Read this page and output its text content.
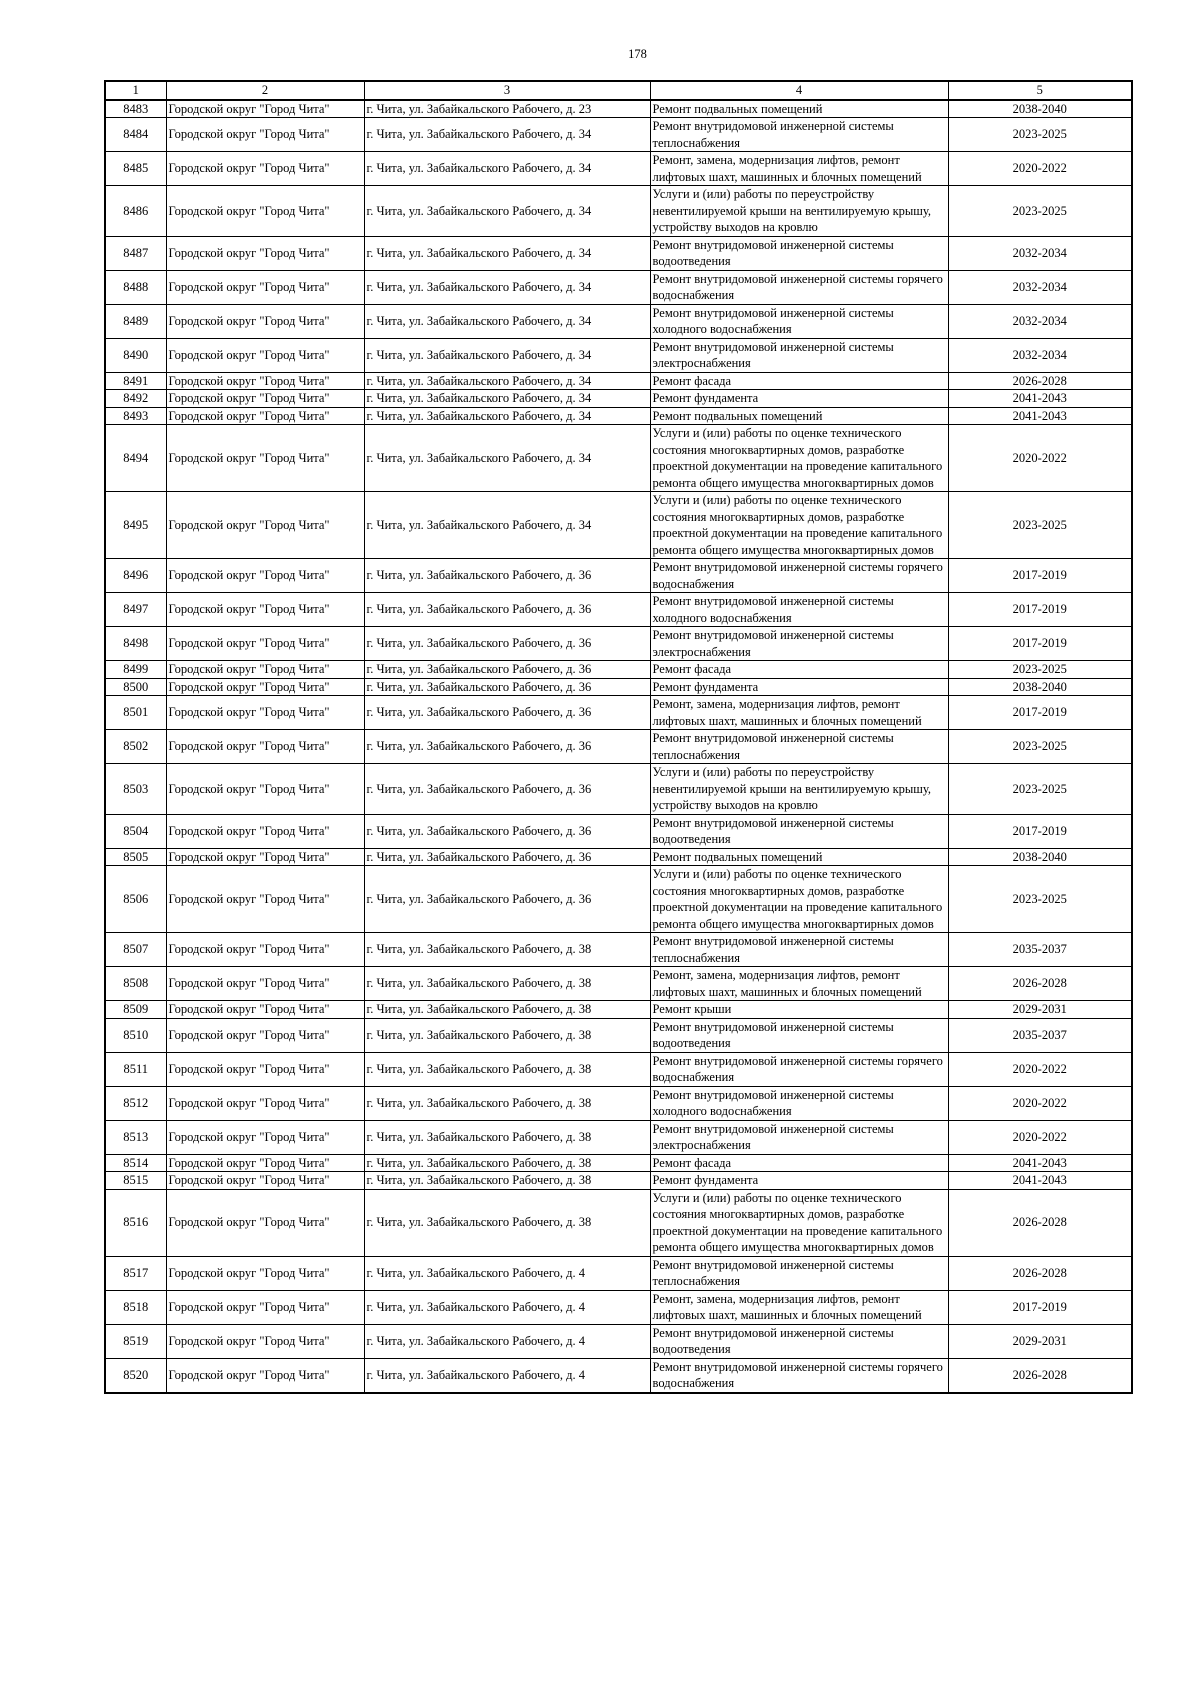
178
1	2	3	4	5
8483	Городской округ "Город Чита"	г. Чита, ул. Забайкальского Рабочего, д. 23	Ремонт подвальных помещений	2038-2040
8484	Городской округ "Город Чита"	г. Чита, ул. Забайкальского Рабочего, д. 34	Ремонт внутридомовой инженерной системы теплоснабжения	2023-2025
8485	Городской округ "Город Чита"	г. Чита, ул. Забайкальского Рабочего, д. 34	Ремонт, замена, модернизация лифтов, ремонт лифтовых шахт, машинных и блочных помещений	2020-2022
8486	Городской округ "Город Чита"	г. Чита, ул. Забайкальского Рабочего, д. 34	Услуги и (или) работы по переустройству невентилируемой крыши на вентилируемую крышу, устройству выходов на кровлю	2023-2025
8487	Городской округ "Город Чита"	г. Чита, ул. Забайкальского Рабочего, д. 34	Ремонт внутридомовой инженерной системы водоотведения	2032-2034
8488	Городской округ "Город Чита"	г. Чита, ул. Забайкальского Рабочего, д. 34	Ремонт внутридомовой инженерной системы горячего водоснабжения	2032-2034
8489	Городской округ "Город Чита"	г. Чита, ул. Забайкальского Рабочего, д. 34	Ремонт внутридомовой инженерной системы холодного водоснабжения	2032-2034
8490	Городской округ "Город Чита"	г. Чита, ул. Забайкальского Рабочего, д. 34	Ремонт внутридомовой инженерной системы электроснабжения	2032-2034
8491	Городской округ "Город Чита"	г. Чита, ул. Забайкальского Рабочего, д. 34	Ремонт фасада	2026-2028
8492	Городской округ "Город Чита"	г. Чита, ул. Забайкальского Рабочего, д. 34	Ремонт фундамента	2041-2043
8493	Городской округ "Город Чита"	г. Чита, ул. Забайкальского Рабочего, д. 34	Ремонт подвальных помещений	2041-2043
8494	Городской округ "Город Чита"	г. Чита, ул. Забайкальского Рабочего, д. 34	Услуги и (или) работы по оценке технического состояния многоквартирных домов, разработке проектной документации на проведение капитального ремонта общего имущества многоквартирных домов	2020-2022
8495	Городской округ "Город Чита"	г. Чита, ул. Забайкальского Рабочего, д. 34	Услуги и (или) работы по оценке технического состояния многоквартирных домов, разработке проектной документации на проведение капитального ремонта общего имущества многоквартирных домов	2023-2025
8496	Городской округ "Город Чита"	г. Чита, ул. Забайкальского Рабочего, д. 36	Ремонт внутридомовой инженерной системы горячего водоснабжения	2017-2019
8497	Городской округ "Город Чита"	г. Чита, ул. Забайкальского Рабочего, д. 36	Ремонт внутридомовой инженерной системы холодного водоснабжения	2017-2019
8498	Городской округ "Город Чита"	г. Чита, ул. Забайкальского Рабочего, д. 36	Ремонт внутридомовой инженерной системы электроснабжения	2017-2019
8499	Городской округ "Город Чита"	г. Чита, ул. Забайкальского Рабочего, д. 36	Ремонт фасада	2023-2025
8500	Городской округ "Город Чита"	г. Чита, ул. Забайкальского Рабочего, д. 36	Ремонт фундамента	2038-2040
8501	Городской округ "Город Чита"	г. Чита, ул. Забайкальского Рабочего, д. 36	Ремонт, замена, модернизация лифтов, ремонт лифтовых шахт, машинных и блочных помещений	2017-2019
8502	Городской округ "Город Чита"	г. Чита, ул. Забайкальского Рабочего, д. 36	Ремонт внутридомовой инженерной системы теплоснабжения	2023-2025
8503	Городской округ "Город Чита"	г. Чита, ул. Забайкальского Рабочего, д. 36	Услуги и (или) работы по переустройству невентилируемой крыши на вентилируемую крышу, устройству выходов на кровлю	2023-2025
8504	Городской округ "Город Чита"	г. Чита, ул. Забайкальского Рабочего, д. 36	Ремонт внутридомовой инженерной системы водоотведения	2017-2019
8505	Городской округ "Город Чита"	г. Чита, ул. Забайкальского Рабочего, д. 36	Ремонт подвальных помещений	2038-2040
8506	Городской округ "Город Чита"	г. Чита, ул. Забайкальского Рабочего, д. 36	Услуги и (или) работы по оценке технического состояния многоквартирных домов, разработке проектной документации на проведение капитального ремонта общего имущества многоквартирных домов	2023-2025
8507	Городской округ "Город Чита"	г. Чита, ул. Забайкальского Рабочего, д. 38	Ремонт внутридомовой инженерной системы теплоснабжения	2035-2037
8508	Городской округ "Город Чита"	г. Чита, ул. Забайкальского Рабочего, д. 38	Ремонт, замена, модернизация лифтов, ремонт лифтовых шахт, машинных и блочных помещений	2026-2028
8509	Городской округ "Город Чита"	г. Чита, ул. Забайкальского Рабочего, д. 38	Ремонт крыши	2029-2031
8510	Городской округ "Город Чита"	г. Чита, ул. Забайкальского Рабочего, д. 38	Ремонт внутридомовой инженерной системы водоотведения	2035-2037
8511	Городской округ "Город Чита"	г. Чита, ул. Забайкальского Рабочего, д. 38	Ремонт внутридомовой инженерной системы горячего водоснабжения	2020-2022
8512	Городской округ "Город Чита"	г. Чита, ул. Забайкальского Рабочего, д. 38	Ремонт внутридомовой инженерной системы холодного водоснабжения	2020-2022
8513	Городской округ "Город Чита"	г. Чита, ул. Забайкальского Рабочего, д. 38	Ремонт внутридомовой инженерной системы электроснабжения	2020-2022
8514	Городской округ "Город Чита"	г. Чита, ул. Забайкальского Рабочего, д. 38	Ремонт фасада	2041-2043
8515	Городской округ "Город Чита"	г. Чита, ул. Забайкальского Рабочего, д. 38	Ремонт фундамента	2041-2043
8516	Городской округ "Город Чита"	г. Чита, ул. Забайкальского Рабочего, д. 38	Услуги и (или) работы по оценке технического состояния многоквартирных домов, разработке проектной документации на проведение капитального ремонта общего имущества многоквартирных домов	2026-2028
8517	Городской округ "Город Чита"	г. Чита, ул. Забайкальского Рабочего, д. 4	Ремонт внутридомовой инженерной системы теплоснабжения	2026-2028
8518	Городской округ "Город Чита"	г. Чита, ул. Забайкальского Рабочего, д. 4	Ремонт, замена, модернизация лифтов, ремонт лифтовых шахт, машинных и блочных помещений	2017-2019
8519	Городской округ "Город Чита"	г. Чита, ул. Забайкальского Рабочего, д. 4	Ремонт внутридомовой инженерной системы водоотведения	2029-2031
8520	Городской округ "Город Чита"	г. Чита, ул. Забайкальского Рабочего, д. 4	Ремонт внутридомовой инженерной системы горячего водоснабжения	2026-2028
